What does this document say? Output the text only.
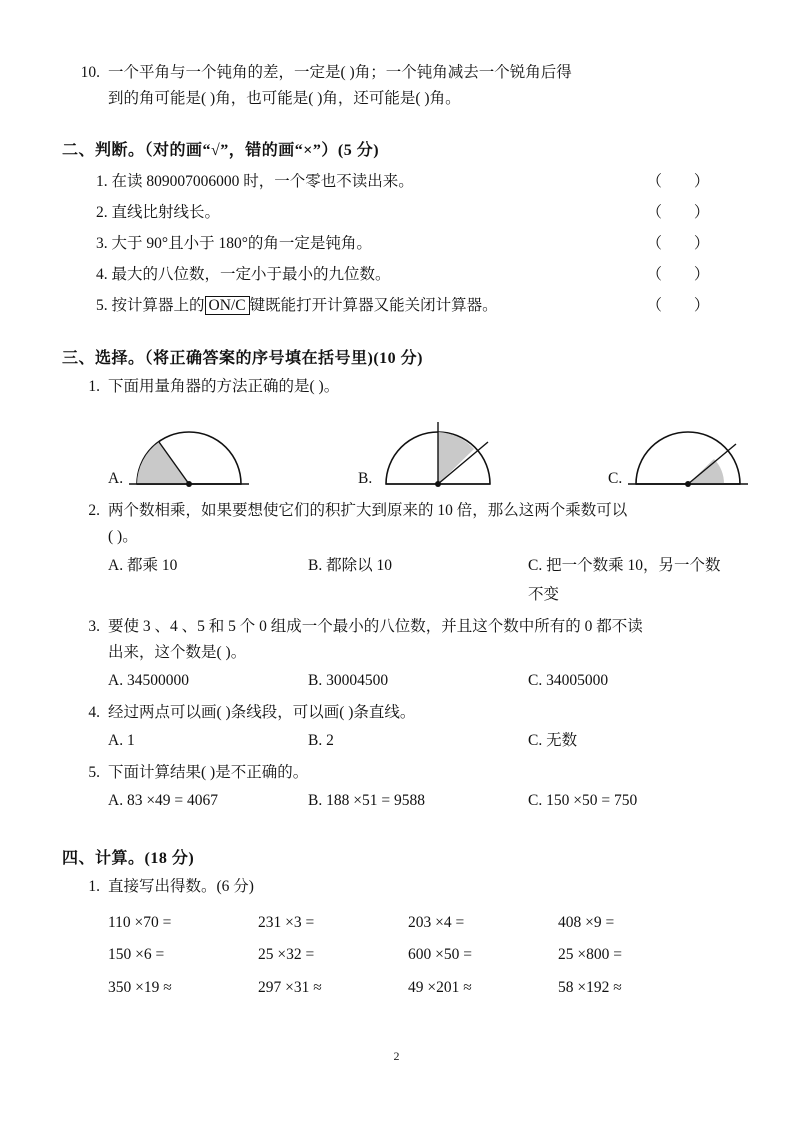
10. 一个平角与一个钝角的差，一定是( )角；一个钝角减去一个锐角后得
到的角可能是( )角，也可能是( )角，还可能是( )角。
二、判断。（对的画“√”，错的画“×”）(5 分)
1. 在读 809007006000 时，一个零也不读出来。	（ ）
2. 直线比射线长。	（ ）
3. 大于 90°且小于 180°的角一定是钝角。	（ ）
4. 最大的八位数，一定小于最小的九位数。	（ ）
5. 按计算器上的 ON/C 键既能打开计算器又能关闭计算器。	（ ）
三、选择。（将正确答案的序号填在括号里)(10 分)
1. 下面用量角器的方法正确的是( )。
A.	B.	C.
2. 两个数相乘，如果要想使它们的积扩大到原来的 10 倍，那么这两个乘数可以
( )。
A. 都乘 10	B. 都除以 10	C. 把一个数乘 10，另一个数不变
3. 要使 3 、4 、5 和 5 个 0 组成一个最小的八位数，并且这个数中所有的 0 都不读
出来，这个数是( )。
A. 34500000	B. 30004500	C. 34005000
4. 经过两点可以画( )条线段，可以画( )条直线。
A. 1	B. 2	C. 无数
5. 下面计算结果( )是不正确的。
A. 83 ×49 = 4067	B. 188 ×51 = 9588	C. 150 ×50 = 750
四、计算。(18 分)
1. 直接写出得数。(6 分)
110 ×70 =	231 ×3 =	203 ×4 =	408 ×9 =
150 ×6 =	25 ×32 =	600 ×50 =	25 ×800 =
350 ×19 ≈	297 ×31 ≈	49 ×201 ≈	58 ×192 ≈
2
